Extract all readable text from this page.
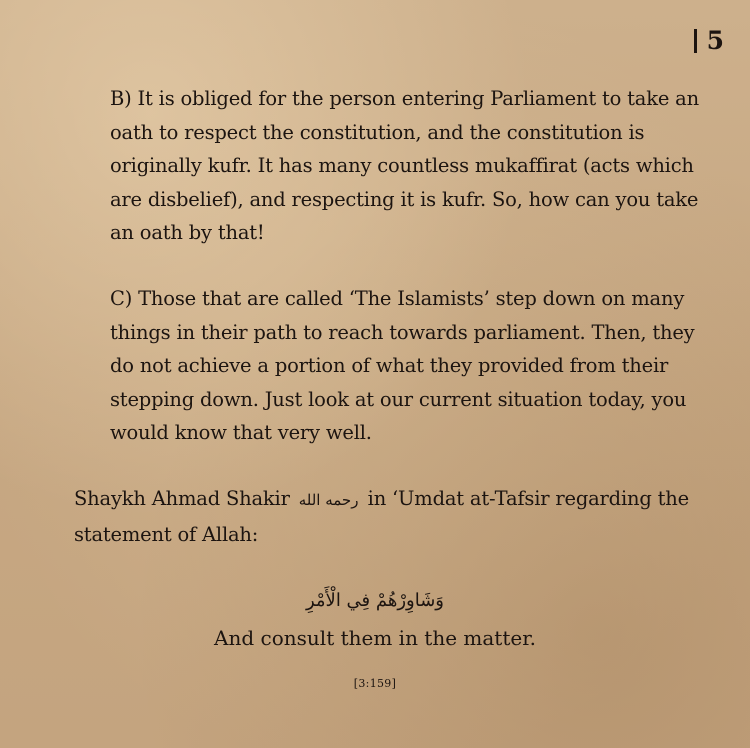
5

B) It is obliged for the person entering Parliament to take an oath to respect the constitution, and the constitution is originally kufr. It has many countless mukaffirat (acts which are disbelief), and respecting it is kufr. So, how can you take an oath by that!

C) Those that are called ‘The Islamists’ step down on many things in their path to reach towards parliament. Then, they do not achieve a portion of what they provided from their stepping down. Just look at our current situation today, you would know that very well.

Shaykh Ahmad Shakir رحمه الله in ‘Umdat at-Tafsir regarding the statement of Allah:

وَشَاوِرْهُمْ فِي الْأَمْرِ
And consult them in the matter.
[3:159]
